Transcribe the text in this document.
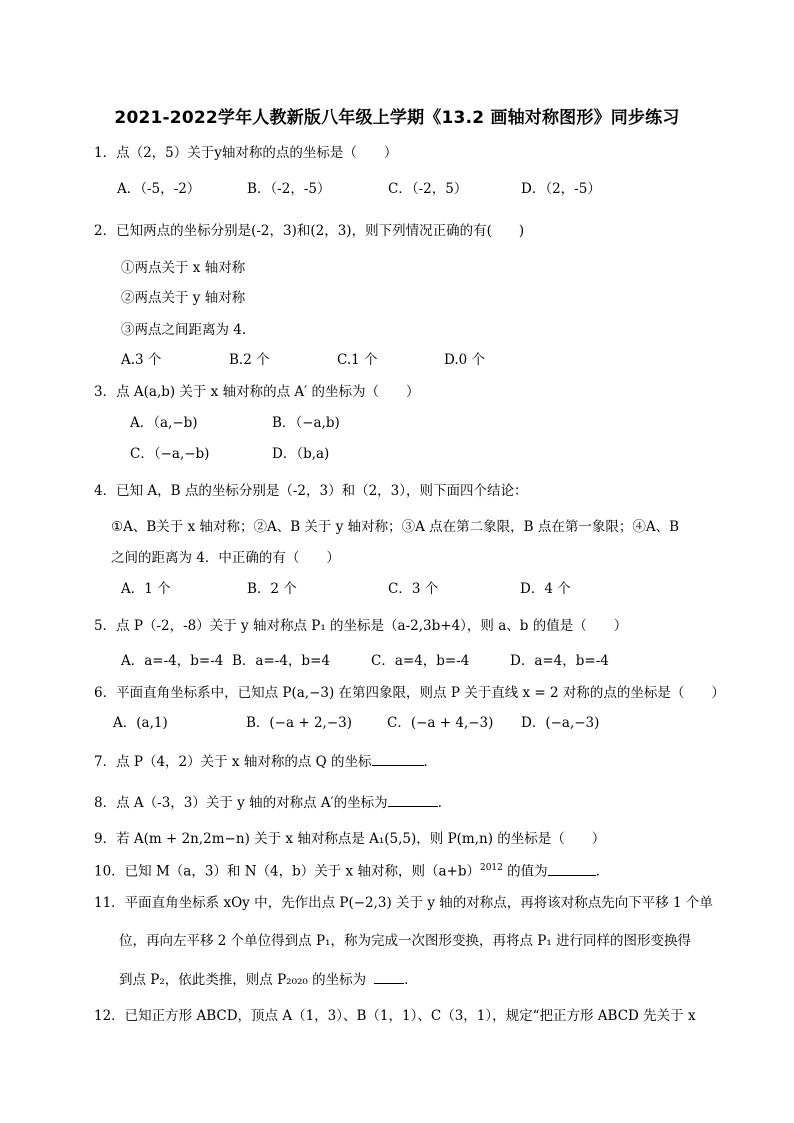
2021-2022学年人教新版八年级上学期《13.2 画轴对称图形》同步练习
1．点（2，5）关于y轴对称的点的坐标是（　　）
A．（-5，-2）	B．（-2，-5）	C．（-2，5）	D．（2，-5）
2．已知两点的坐标分别是(-2，3)和(2，3)，则下列情况正确的有(　　)
①两点关于 x 轴对称
②两点关于 y 轴对称
③两点之间距离为 4.
A.3 个	B.2 个	C.1 个	D.0 个
3．点 A(a,b) 关于 x 轴对称的点 A′ 的坐标为（　　）
A．（a,−b)	B．（−a,b)
C．（−a,−b)	D．（b,a)
4．已知 A，B 点的坐标分别是（-2，3）和（2，3），则下面四个结论：
①A、B关于 x 轴对称；②A、B 关于 y 轴对称；③A 点在第二象限，B 点在第一象限；④A、B
之间的距离为 4．中正确的有（　　）
A．1 个	B．2 个	C．3 个	D．4 个
5．点 P（-2，-8）关于 y 轴对称点 P₁ 的坐标是（a-2,3b+4），则 a、b 的值是（　　）
A．a=-4，b=-4 B．a=-4，b=4	C．a=4，b=-4	D．a=4，b=-4
6．平面直角坐标系中，已知点 P(a,−3) 在第四象限，则点 P 关于直线 x = 2 对称的点的坐标是（　　）
A．(a,1)	B．(−a + 2,−3)	C．(−a + 4,−3) D．(−a,−3)
7．点 P（4，2）关于 x 轴对称的点 Q 的坐标	．
8．点 A（-3，3）关于 y 轴的对称点 A′的坐标为	．
9．若 A(m + 2n,2m−n) 关于 x 轴对称点是 A₁(5,5)，则 P(m,n) 的坐标是（　　）
10．已知 M（a，3）和 N（4，b）关于 x 轴对称，则$(a+b)^{2012}$ 的值为	．
11．平面直角坐标系 xOy 中，先作出点 P(−2,3) 关于 y 轴的对称点，再将该对称点先向下平移 1 个单
位，再向左平移 2 个单位得到点 P₁，称为完成一次图形变换，再将点 P₁ 进行同样的图形变换得
到点 P₂，依此类推，则点 P₂₀₂₀ 的坐标为	．
12．已知正方形 ABCD，顶点 A（1，3）、B（1，1）、C（3，1），规定“把正方形 ABCD 先关于 x
